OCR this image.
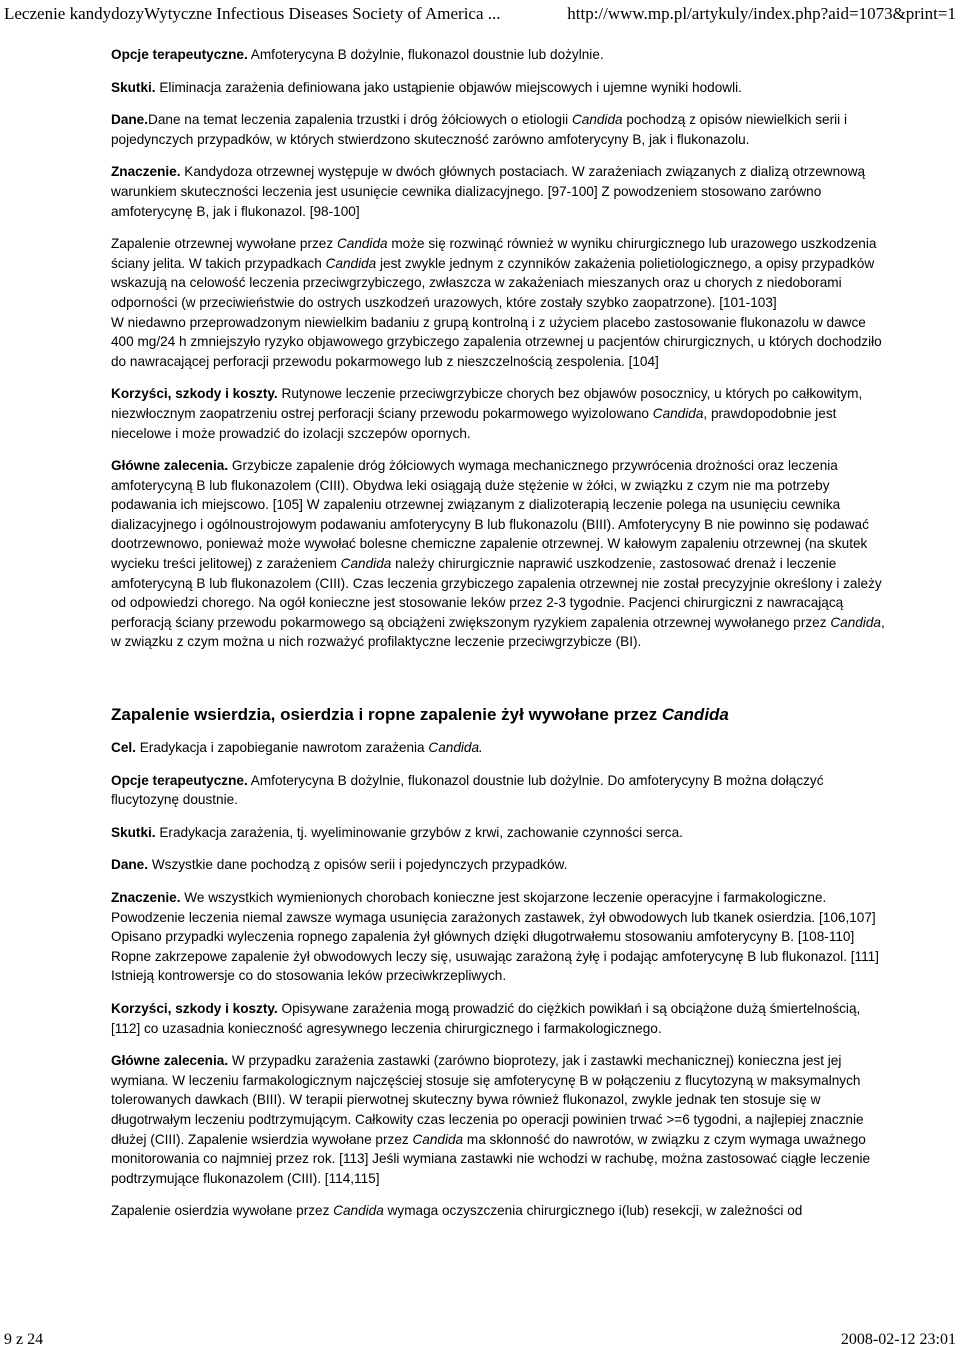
Leczenie kandydozyWytyczne Infectious Diseases Society of America ...	http://www.mp.pl/artykuly/index.php?aid=1073&print=1

Opcje terapeutyczne. Amfoterycyna B dożylnie, flukonazol doustnie lub dożylnie.

Skutki. Eliminacja zarażenia definiowana jako ustąpienie objawów miejscowych i ujemne wyniki hodowli.

Dane.Dane na temat leczenia zapalenia trzustki i dróg żółciowych o etiologii Candida pochodzą z opisów niewielkich serii i pojedynczych przypadków, w których stwierdzono skuteczność zarówno amfoterycyny B, jak i flukonazolu.

Znaczenie. Kandydoza otrzewnej występuje w dwóch głównych postaciach. W zarażeniach związanych z dializą otrzewnową warunkiem skuteczności leczenia jest usunięcie cewnika dializacyjnego. [97-100] Z powodzeniem stosowano zarówno amfoterycynę B, jak i flukonazol. [98-100]

Zapalenie otrzewnej wywołane przez Candida może się rozwinąć również w wyniku chirurgicznego lub urazowego uszkodzenia ściany jelita. W takich przypadkach Candida jest zwykle jednym z czynników zakażenia polietiologicznego, a opisy przypadków wskazują na celowość leczenia przeciwgrzybiczego, zwłaszcza w zakażeniach mieszanych oraz u chorych z niedoborami odporności (w przeciwieństwie do ostrych uszkodzeń urazowych, które zostały szybko zaopatrzone). [101-103]

W niedawno przeprowadzonym niewielkim badaniu z grupą kontrolną i z użyciem placebo zastosowanie flukonazolu w dawce 400 mg/24 h zmniejszyło ryzyko objawowego grzybiczego zapalenia otrzewnej u pacjentów chirurgicznych, u których dochodziło do nawracającej perforacji przewodu pokarmowego lub z nieszczelnością zespolenia. [104]

Korzyści, szkody i koszty. Rutynowe leczenie przeciwgrzybicze chorych bez objawów posocznicy, u których po całkowitym, niezwłocznym zaopatrzeniu ostrej perforacji ściany przewodu pokarmowego wyizolowano Candida, prawdopodobnie jest niecelowe i może prowadzić do izolacji szczepów opornych.

Główne zalecenia. Grzybicze zapalenie dróg żółciowych wymaga mechanicznego przywrócenia drożności oraz leczenia amfoterycyną B lub flukonazolem (CIII). Obydwa leki osiągają duże stężenie w żółci, w związku z czym nie ma potrzeby podawania ich miejscowo. [105] W zapaleniu otrzewnej związanym z dializoterapią leczenie polega na usunięciu cewnika dializacyjnego i ogólnoustrojowym podawaniu amfoterycyny B lub flukonazolu (BIII). Amfoterycyny B nie powinno się podawać dootrzewnowo, ponieważ może wywołać bolesne chemiczne zapalenie otrzewnej. W kałowym zapaleniu otrzewnej (na skutek wycieku treści jelitowej) z zarażeniem Candida należy chirurgicznie naprawić uszkodzenie, zastosować drenaż i leczenie amfoterycyną B lub flukonazolem (CIII). Czas leczenia grzybiczego zapalenia otrzewnej nie został precyzyjnie określony i zależy od odpowiedzi chorego. Na ogół konieczne jest stosowanie leków przez 2-3 tygodnie. Pacjenci chirurgiczni z nawracającą perforacją ściany przewodu pokarmowego są obciążeni zwiększonym ryzykiem zapalenia otrzewnej wywołanego przez Candida, w związku z czym można u nich rozważyć profilaktyczne leczenie przeciwgrzybicze (BI).

Zapalenie wsierdzia, osierdzia i ropne zapalenie żył wywołane przez Candida

Cel. Eradykacja i zapobieganie nawrotom zarażenia Candida.

Opcje terapeutyczne. Amfoterycyna B dożylnie, flukonazol doustnie lub dożylnie. Do amfoterycyny B można dołączyć flucytozynę doustnie.

Skutki. Eradykacja zarażenia, tj. wyeliminowanie grzybów z krwi, zachowanie czynności serca.

Dane. Wszystkie dane pochodzą z opisów serii i pojedynczych przypadków.

Znaczenie. We wszystkich wymienionych chorobach konieczne jest skojarzone leczenie operacyjne i farmakologiczne. Powodzenie leczenia niemal zawsze wymaga usunięcia zarażonych zastawek, żył obwodowych lub tkanek osierdzia. [106,107] Opisano przypadki wyleczenia ropnego zapalenia żył głównych dzięki długotrwałemu stosowaniu amfoterycyny B. [108-110] Ropne zakrzepowe zapalenie żył obwodowych leczy się, usuwając zarażoną żyłę i podając amfoterycynę B lub flukonazol. [111] Istnieją kontrowersje co do stosowania leków przeciwkrzepliwych.

Korzyści, szkody i koszty. Opisywane zarażenia mogą prowadzić do ciężkich powikłań i są obciążone dużą śmiertelnością, [112] co uzasadnia konieczność agresywnego leczenia chirurgicznego i farmakologicznego.

Główne zalecenia. W przypadku zarażenia zastawki (zarówno bioprotezy, jak i zastawki mechanicznej) konieczna jest jej wymiana. W leczeniu farmakologicznym najczęściej stosuje się amfoterycynę B w połączeniu z flucytozyną w maksymalnych tolerowanych dawkach (BIII). W terapii pierwotnej skuteczny bywa również flukonazol, zwykle jednak ten stosuje się w długotrwałym leczeniu podtrzymującym. Całkowity czas leczenia po operacji powinien trwać >=6 tygodni, a najlepiej znacznie dłużej (CIII). Zapalenie wsierdzia wywołane przez Candida ma skłonność do nawrotów, w związku z czym wymaga uważnego monitorowania co najmniej przez rok. [113] Jeśli wymiana zastawki nie wchodzi w rachubę, można zastosować ciągłe leczenie podtrzymujące flukonazolem (CIII). [114,115]

Zapalenie osierdzia wywołane przez Candida wymaga oczyszczenia chirurgicznego i(lub) resekcji, w zależności od

9 z 24	2008-02-12 23:01
